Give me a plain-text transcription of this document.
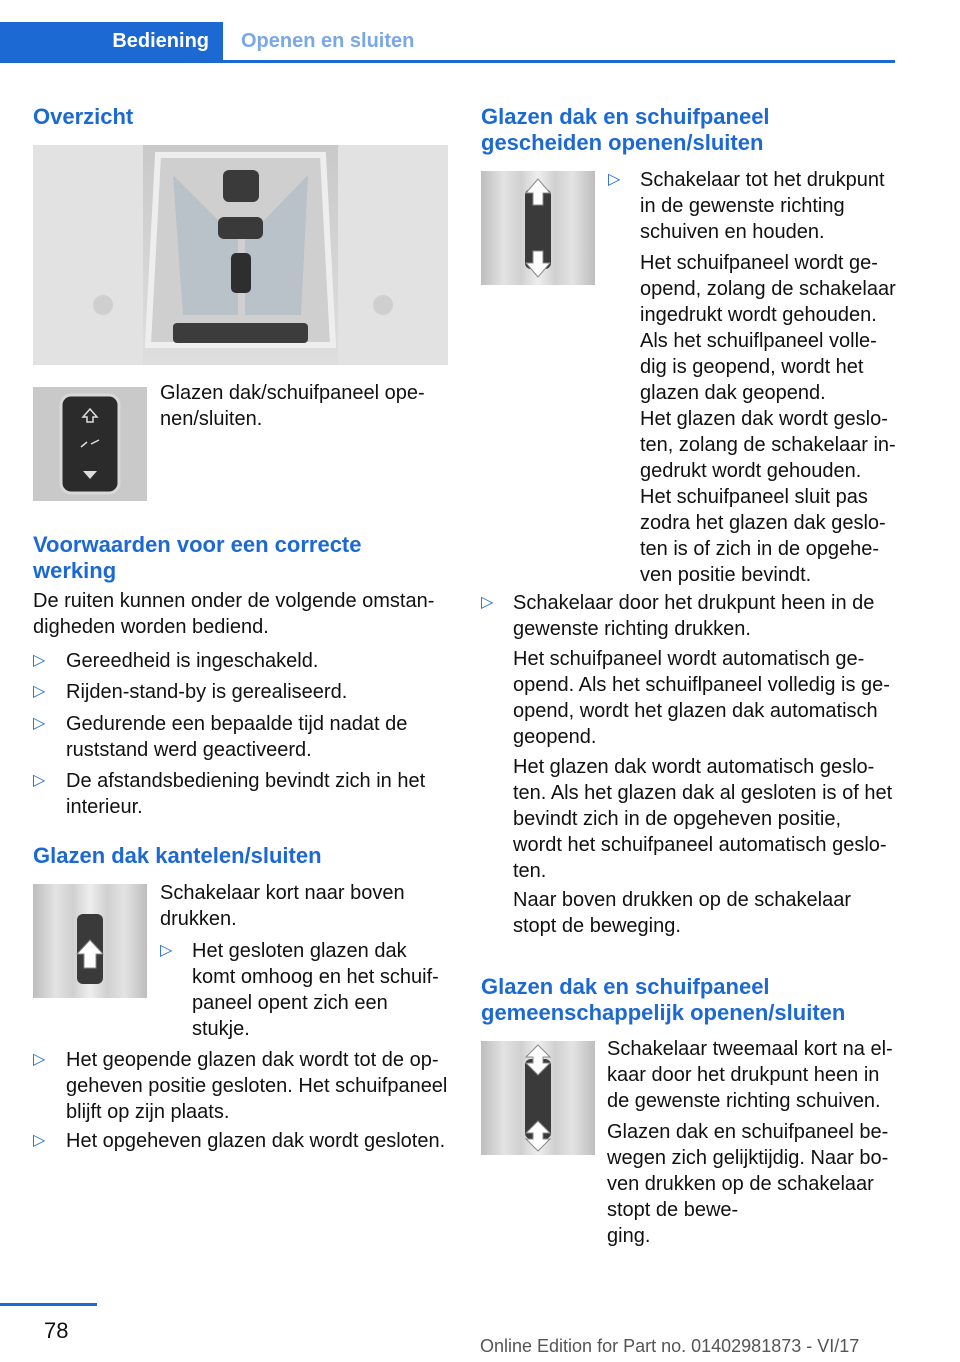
Bediening	Openen en sluiten
Overzicht

Glazen dak/schuifpaneel ope-
nen/sluiten.

Voorwaarden voor een correcte
werking

De ruiten kunnen onder de volgende omstan-
digheden worden bediend.

▷ Gereedheid is ingeschakeld.
▷ Rijden-stand-by is gerealiseerd.
▷ Gedurende een bepaalde tijd nadat de
ruststand werd geactiveerd.
▷ De afstandsbediening bevindt zich in het
interieur.
Glazen dak kantelen/sluiten

Schakelaar kort naar boven
drukken.

▷ Het gesloten glazen dak
komt omhoog en het schuif-
paneel opent zich een
stukje.
▷ Het geopende glazen dak wordt tot de op-
geheven positie gesloten. Het schuifpaneel
blijft op zijn plaats.
▷ Het opgeheven glazen dak wordt gesloten.
Glazen dak en schuifpaneel
gescheiden openen/sluiten
▷ Schakelaar tot het drukpunt
in de gewenste richting
schuiven en houden.
Het schuifpaneel wordt ge-
opend, zolang de schakelaar
ingedrukt wordt gehouden.
Als het schuiflpaneel volle-
dig is geopend, wordt het
glazen dak geopend.
Het glazen dak wordt geslo-
ten, zolang de schakelaar in-
gedrukt wordt gehouden.
Het schuifpaneel sluit pas
zodra het glazen dak geslo-
ten is of zich in de opgehe-
ven positie bevindt.
▷ Schakelaar door het drukpunt heen in de
gewenste richting drukken.
Het schuifpaneel wordt automatisch ge-
opend. Als het schuiflpaneel volledig is ge-
opend, wordt het glazen dak automatisch
geopend.
Het glazen dak wordt automatisch geslo-
ten. Als het glazen dak al gesloten is of het
bevindt zich in de opgeheven positie,
wordt het schuifpaneel automatisch geslo-
ten.
Naar boven drukken op de schakelaar
stopt de beweging.
Glazen dak en schuifpaneel
gemeenschappelijk openen/sluiten
Schakelaar tweemaal kort na el-
kaar door het drukpunt heen in
de gewenste richting schuiven.
Glazen dak en schuifpaneel be-
wegen zich gelijktijdig. Naar bo-
ven drukken op de schakelaar stopt de bewe-
ging.
78
Online Edition for Part no. 01402981873 - VI/17
